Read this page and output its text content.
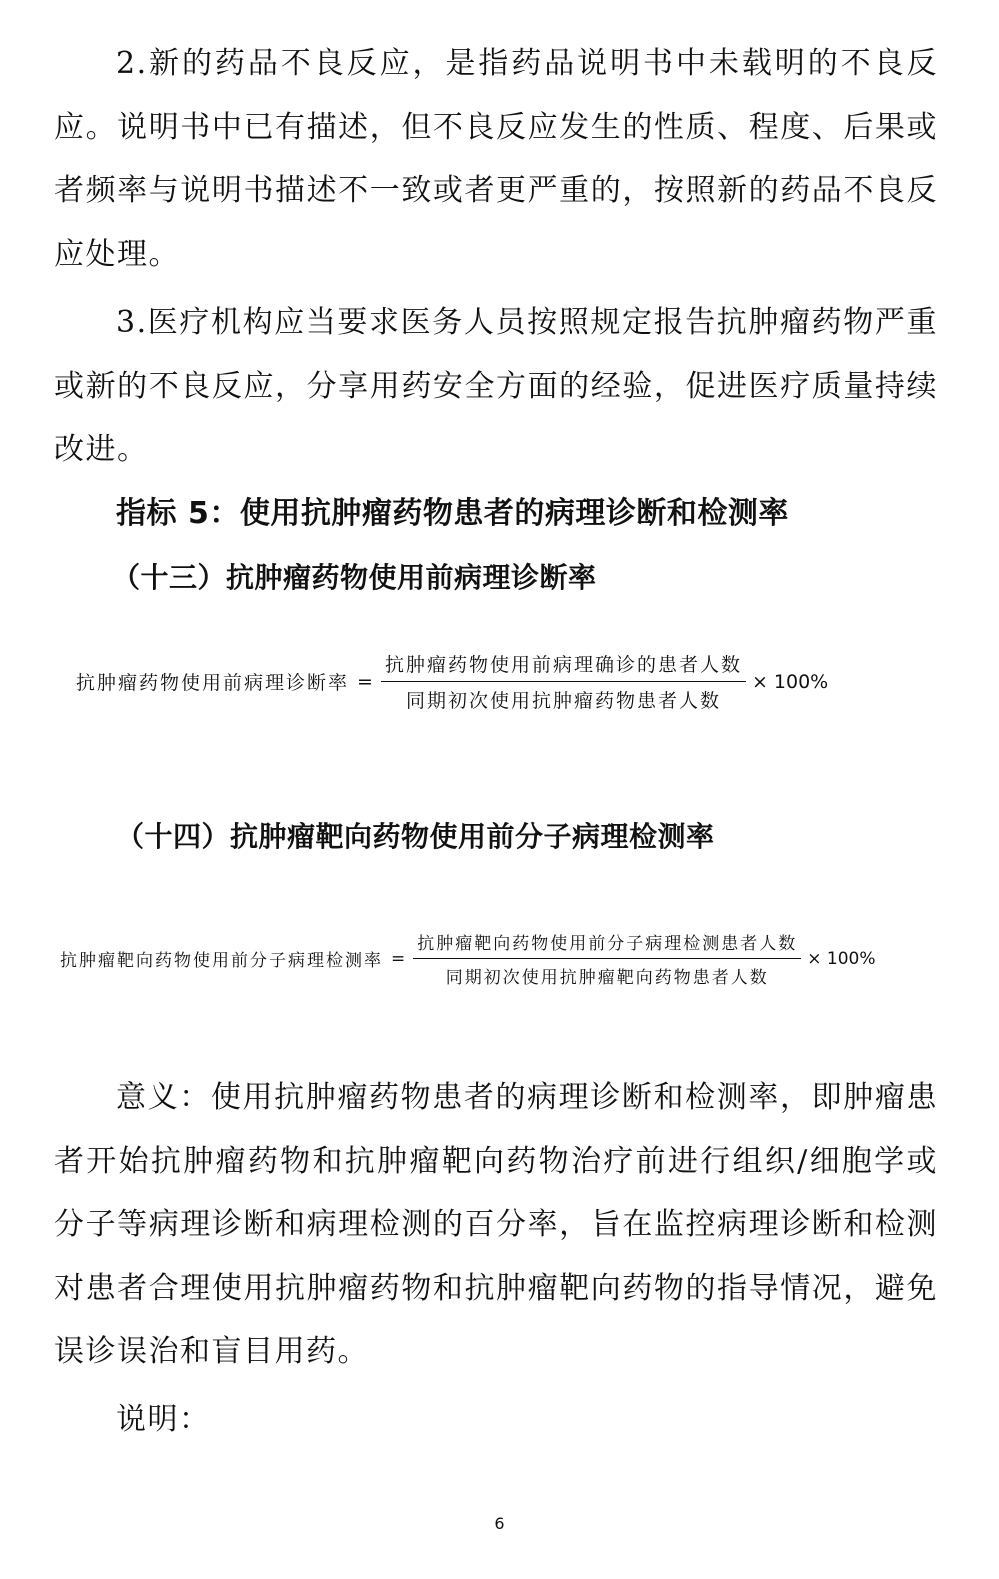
2.新的药品不良反应，是指药品说明书中未载明的不良反应。说明书中已有描述，但不良反应发生的性质、程度、后果或者频率与说明书描述不一致或者更严重的，按照新的药品不良反应处理。

3.医疗机构应当要求医务人员按照规定报告抗肿瘤药物严重或新的不良反应，分享用药安全方面的经验，促进医疗质量持续改进。

指标 5：使用抗肿瘤药物患者的病理诊断和检测率
（十三）抗肿瘤药物使用前病理诊断率
抗肿瘤药物使用前病理诊断率 = $\frac{\text{抗肿瘤药物使用前病理确诊的患者人数}}{\text{同期初次使用抗肿瘤药物患者人数}} \times 100\%$
（十四）抗肿瘤靶向药物使用前分子病理检测率
抗肿瘤靶向药物使用前分子病理检测率 = $\frac{\text{抗肿瘤靶向药物使用前分子病理检测患者人数}}{\text{同期初次使用抗肿瘤靶向药物患者人数}} \times 100\%$

意义：使用抗肿瘤药物患者的病理诊断和检测率，即肿瘤患者开始抗肿瘤药物和抗肿瘤靶向药物治疗前进行组织/细胞学或分子等病理诊断和病理检测的百分率，旨在监控病理诊断和检测对患者合理使用抗肿瘤药物和抗肿瘤靶向药物的指导情况，避免误诊误治和盲目用药。

说明：

6
